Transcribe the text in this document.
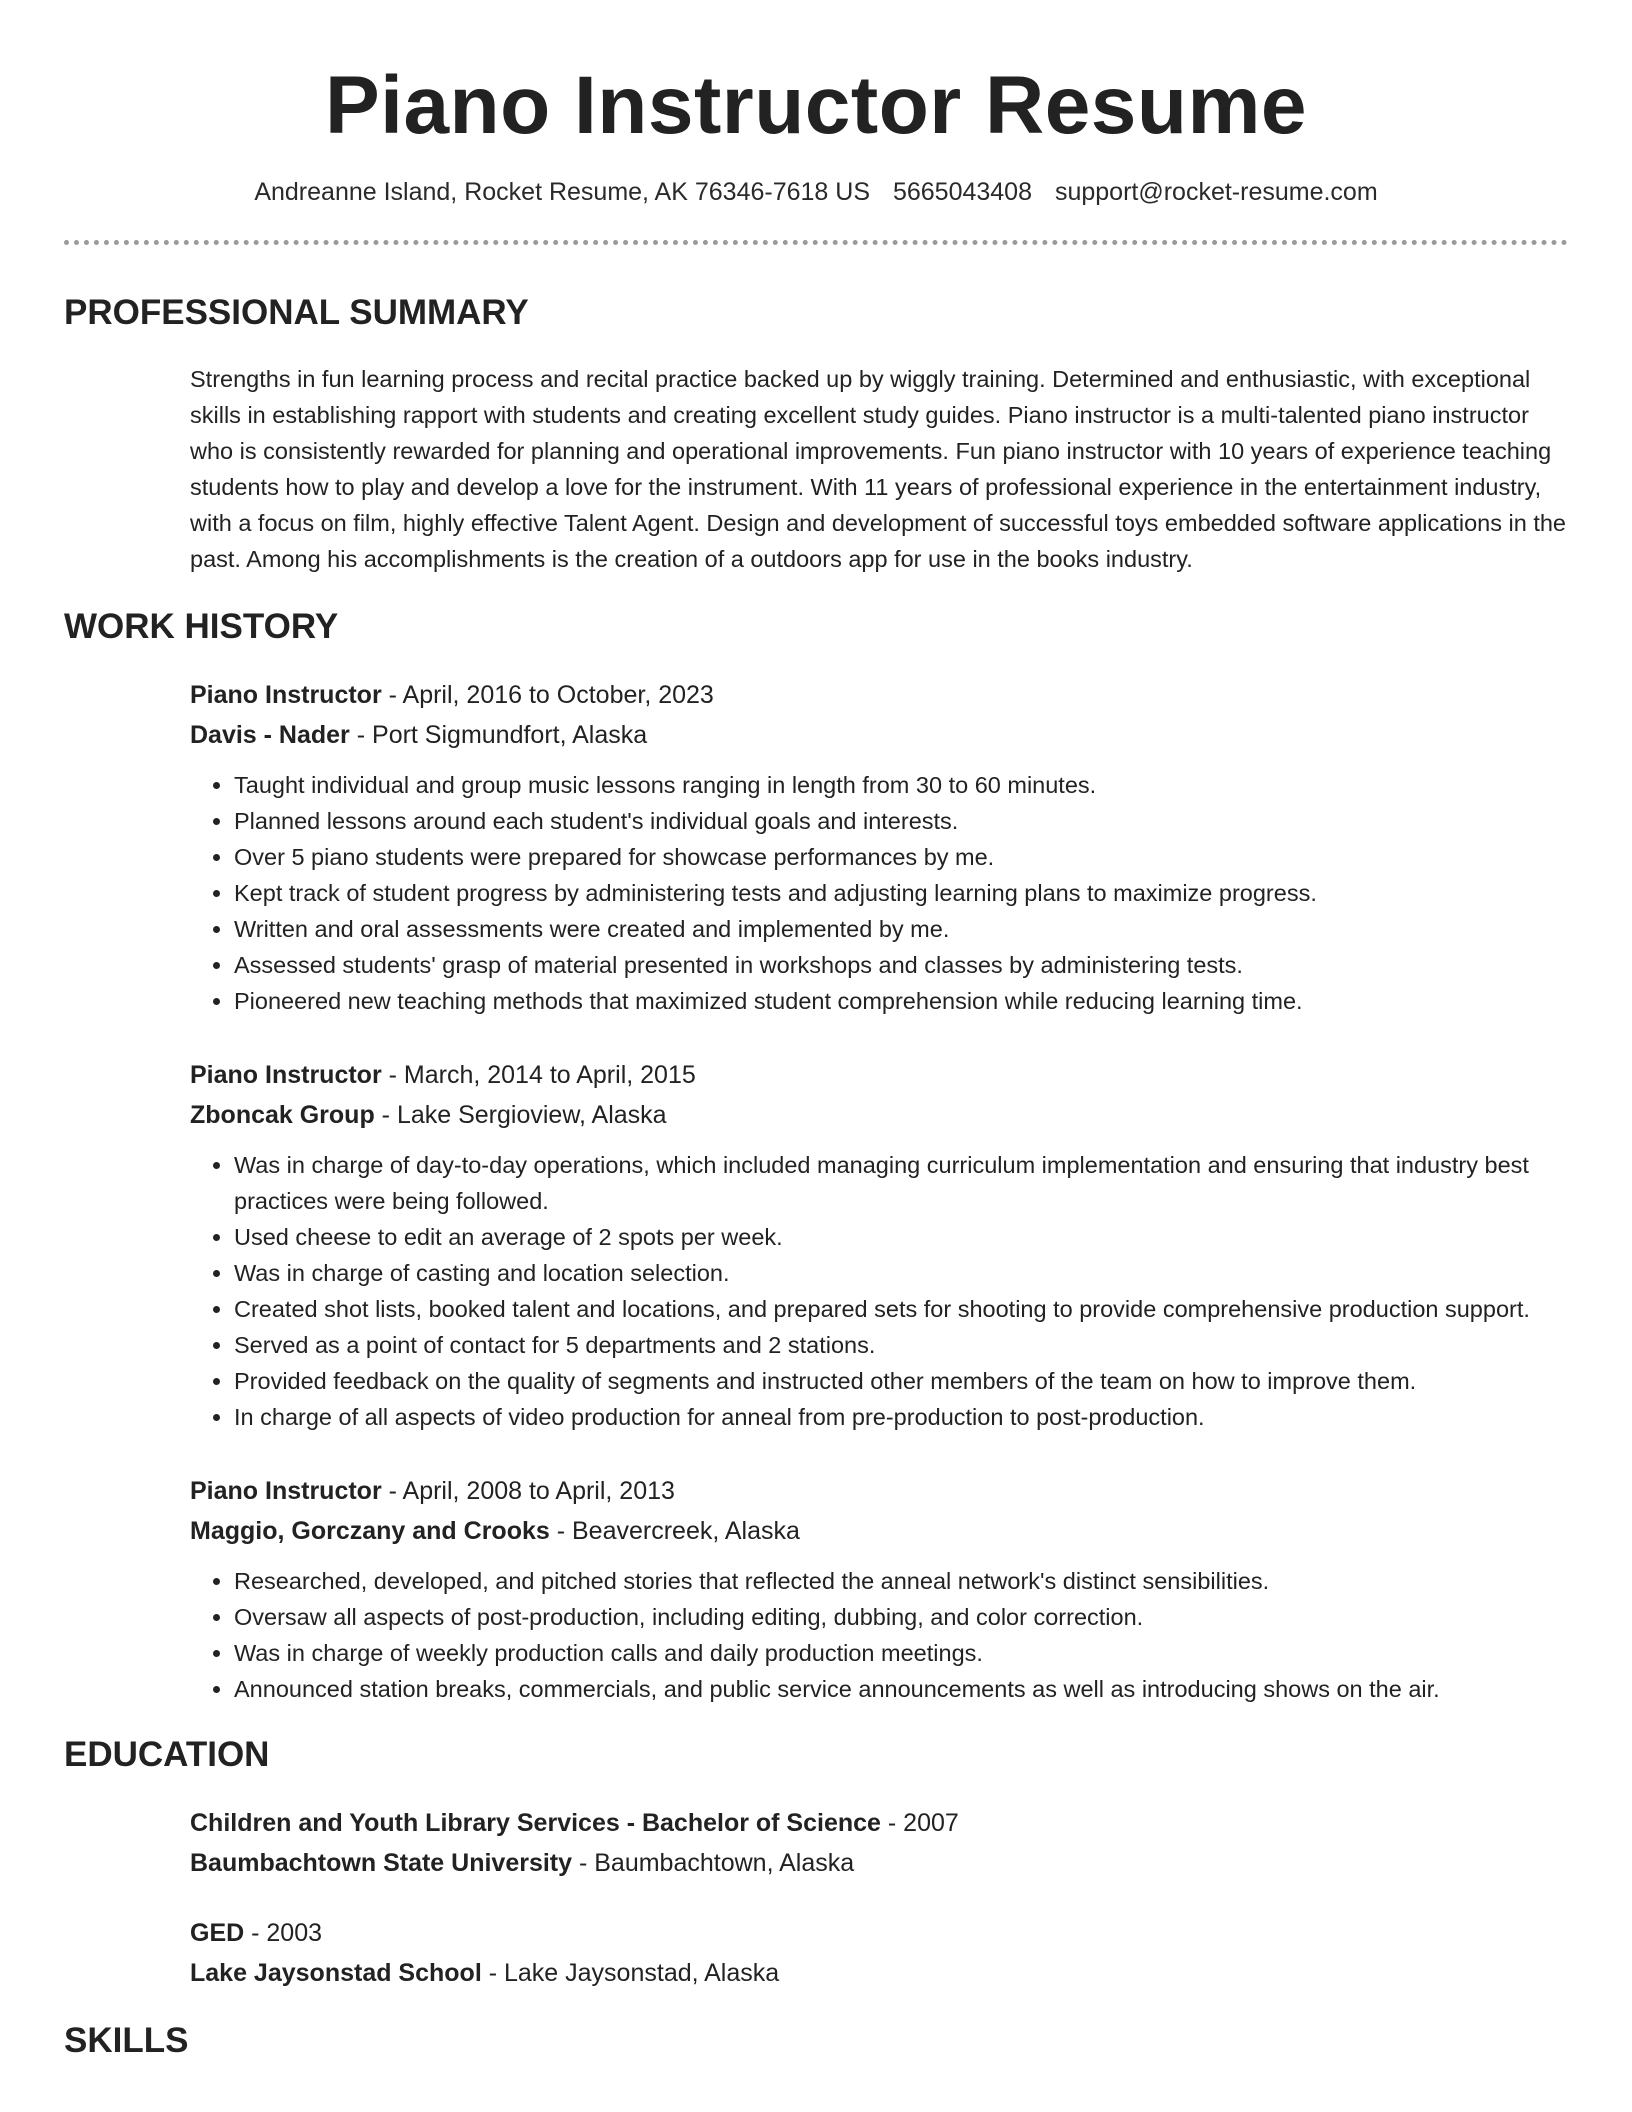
Piano Instructor Resume
Andreanne Island, Rocket Resume, AK 76346-7618 US 5665043408 support@rocket-resume.com
PROFESSIONAL SUMMARY
Strengths in fun learning process and recital practice backed up by wiggly training. Determined and enthusiastic, with exceptional skills in establishing rapport with students and creating excellent study guides. Piano instructor is a multi-talented piano instructor who is consistently rewarded for planning and operational improvements. Fun piano instructor with 10 years of experience teaching students how to play and develop a love for the instrument. With 11 years of professional experience in the entertainment industry, with a focus on film, highly effective Talent Agent. Design and development of successful toys embedded software applications in the past. Among his accomplishments is the creation of a outdoors app for use in the books industry.
WORK HISTORY
Piano Instructor - April, 2016 to October, 2023
Davis - Nader - Port Sigmundfort, Alaska
• Taught individual and group music lessons ranging in length from 30 to 60 minutes.
• Planned lessons around each student's individual goals and interests.
• Over 5 piano students were prepared for showcase performances by me.
• Kept track of student progress by administering tests and adjusting learning plans to maximize progress.
• Written and oral assessments were created and implemented by me.
• Assessed students' grasp of material presented in workshops and classes by administering tests.
• Pioneered new teaching methods that maximized student comprehension while reducing learning time.
Piano Instructor - March, 2014 to April, 2015
Zboncak Group - Lake Sergioview, Alaska
• Was in charge of day-to-day operations, which included managing curriculum implementation and ensuring that industry best practices were being followed.
• Used cheese to edit an average of 2 spots per week.
• Was in charge of casting and location selection.
• Created shot lists, booked talent and locations, and prepared sets for shooting to provide comprehensive production support.
• Served as a point of contact for 5 departments and 2 stations.
• Provided feedback on the quality of segments and instructed other members of the team on how to improve them.
• In charge of all aspects of video production for anneal from pre-production to post-production.
Piano Instructor - April, 2008 to April, 2013
Maggio, Gorczany and Crooks - Beavercreek, Alaska
• Researched, developed, and pitched stories that reflected the anneal network's distinct sensibilities.
• Oversaw all aspects of post-production, including editing, dubbing, and color correction.
• Was in charge of weekly production calls and daily production meetings.
• Announced station breaks, commercials, and public service announcements as well as introducing shows on the air.
EDUCATION
Children and Youth Library Services - Bachelor of Science - 2007
Baumbachtown State University - Baumbachtown, Alaska
GED - 2003
Lake Jaysonstad School - Lake Jaysonstad, Alaska
SKILLS
